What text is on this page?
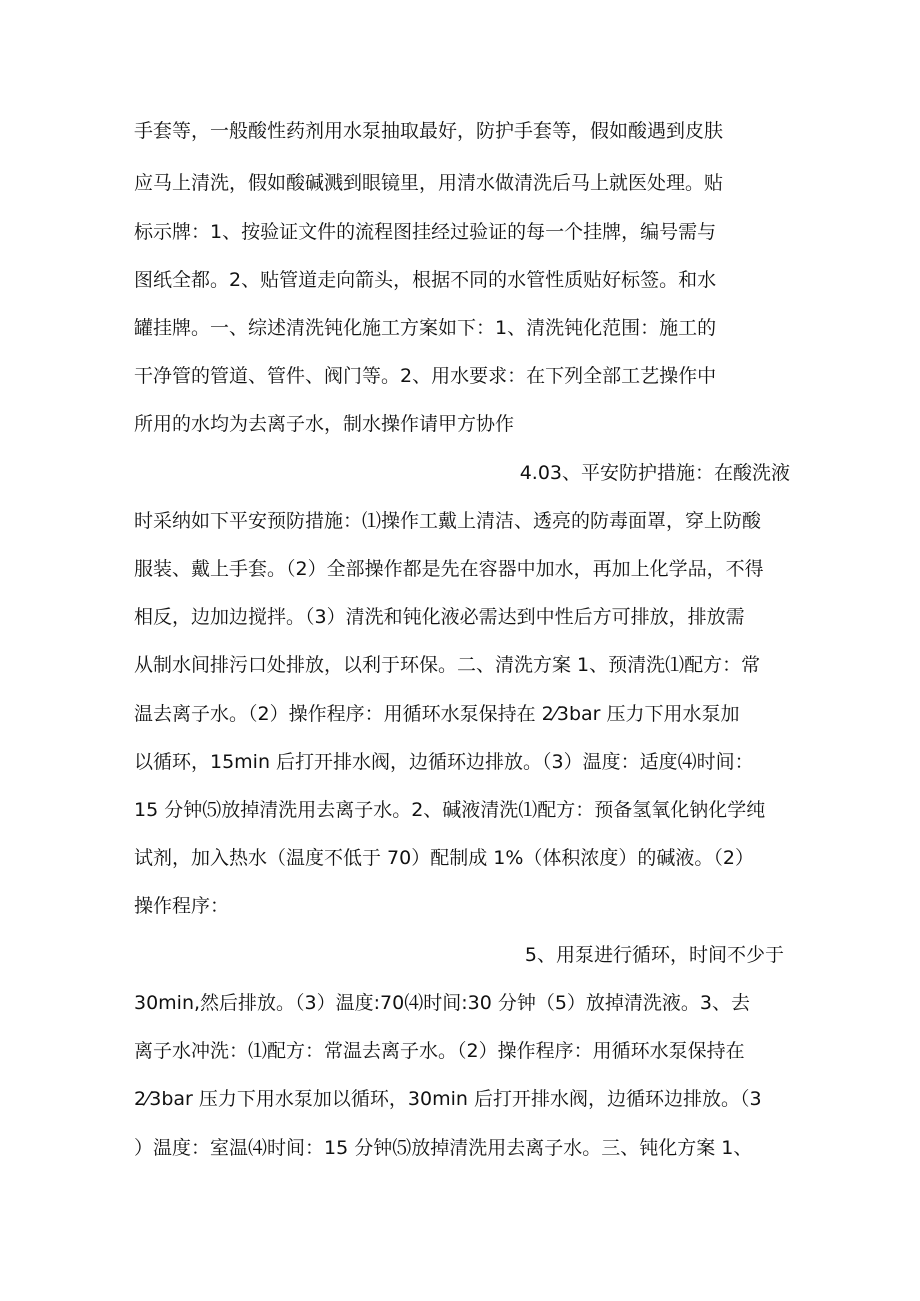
手套等，一般酸性药剂用水泵抽取最好，防护手套等，假如酸遇到皮肤
应马上清洗，假如酸碱溅到眼镜里，用清水做清洗后马上就医处理。贴
标示牌：1、按验证文件的流程图挂经过验证的每一个挂牌，编号需与
图纸全都。2、贴管道走向箭头，根据不同的水管性质贴好标签。和水
罐挂牌。一、综述清洗钝化施工方案如下：1、清洗钝化范围：施工的
干净管的管道、管件、阀门等。2、用水要求：在下列全部工艺操作中
所用的水均为去离子水，制水操作请甲方协作
4.03、平安防护措施：在酸洗液
时采纳如下平安预防措施：⑴操作工戴上清洁、透亮的防毒面罩，穿上防酸
服装、戴上手套。（2）全部操作都是先在容器中加水，再加上化学品，不得
相反，边加边搅拌。（3）清洗和钝化液必需达到中性后方可排放，排放需
从制水间排污口处排放，以利于环保。二、清洗方案 1、预清洗⑴配方：常
温去离子水。（2）操作程序：用循环水泵保持在 2⁄3bar 压力下用水泵加
以循环，15min 后打开排水阀，边循环边排放。（3）温度：适度⑷时间：
15 分钟⑸放掉清洗用去离子水。2、碱液清洗⑴配方：预备氢氧化钠化学纯
试剂，加入热水（温度不低于 70）配制成 1%（体积浓度）的碱液。（2）
操作程序：
5、用泵进行循环，时间不少于
30min,然后排放。（3）温度:70⑷时间:30 分钟（5）放掉清洗液。3、去
离子水冲洗：⑴配方：常温去离子水。（2）操作程序：用循环水泵保持在
2⁄3bar 压力下用水泵加以循环，30min 后打开排水阀，边循环边排放。（3
）温度：室温⑷时间：15 分钟⑸放掉清洗用去离子水。三、钝化方案 1、
